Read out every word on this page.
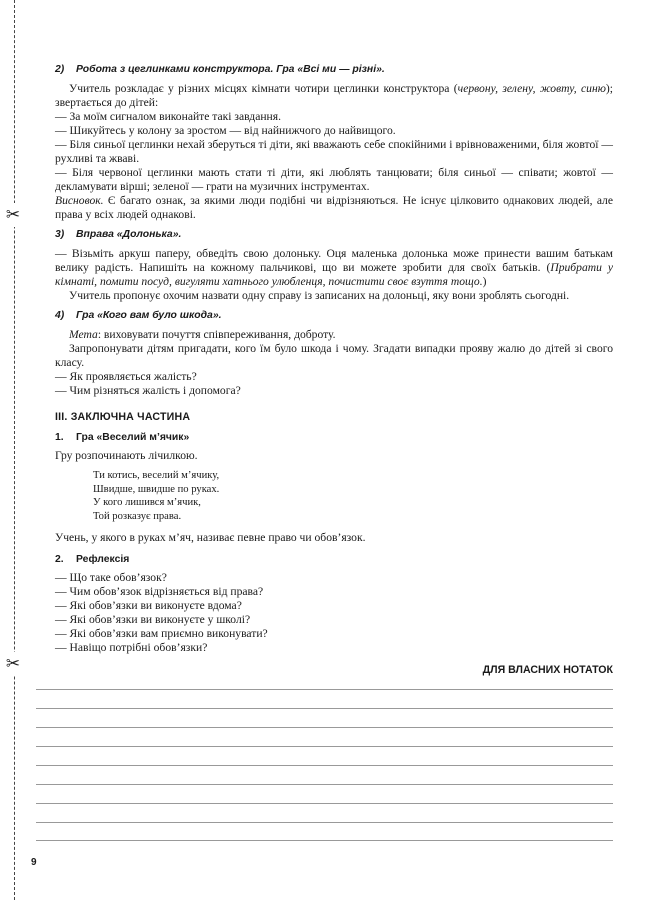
✂
✂
2) Робота з цеглинками конструктора. Гра «Всі ми — різні».
Учитель розкладає у різних місцях кімнати чотири цеглинки конструктора (червону, зелену, жовту, синю); звертається до дітей:
— За моїм сигналом виконайте такі завдання.
— Шикуйтесь у колону за зростом — від найнижчого до найвищого.
— Біля синьої цеглинки нехай зберуться ті діти, які вважають себе спокійними і врівноваженими, біля жовтої — рухливі та жваві.
— Біля червоної цеглинки мають стати ті діти, які люблять танцювати; біля синьої — співати; жовтої — декламувати вірші; зеленої — грати на музичних інструментах.
Висновок. Є багато ознак, за якими люди подібні чи відрізняються. Не існує цілковито однакових людей, але права у всіх людей однакові.
3) Вправа «Долонька».
— Візьміть аркуш паперу, обведіть свою долоньку. Оця маленька долонька може принести вашим батькам велику радість. Напишіть на кожному пальчикові, що ви можете зробити для своїх батьків. (Прибрати у кімнаті, помити посуд, вигуляти хатнього улюбленця, почистити своє взуття тощо.)
Учитель пропонує охочим назвати одну справу із записаних на долоньці, яку вони зроблять сьогодні.
4) Гра «Кого вам було шкода».
Мета: виховувати почуття співпереживання, доброту.
Запропонувати дітям пригадати, кого їм було шкода і чому. Згадати випадки прояву жалю до дітей зі свого класу.
— Як проявляється жалість?
— Чим різняться жалість і допомога?
III. ЗАКЛЮЧНА ЧАСТИНА
1. Гра «Веселий м’ячик»
Гру розпочинають лічилкою.
Ти котись, веселий м’ячику,
Швидше, швидше по руках.
У кого лишився м’ячик,
Той розказує права.
Учень, у якого в руках м’яч, називає певне право чи обов’язок.
2. Рефлексія
— Що таке обов’язок?
— Чим обов’язок відрізняється від права?
— Які обов’язки ви виконуєте вдома?
— Які обов’язки ви виконуєте у школі?
— Які обов’язки вам приємно виконувати?
— Навіщо потрібні обов’язки?
ДЛЯ ВЛАСНИХ НОТАТОК
9
